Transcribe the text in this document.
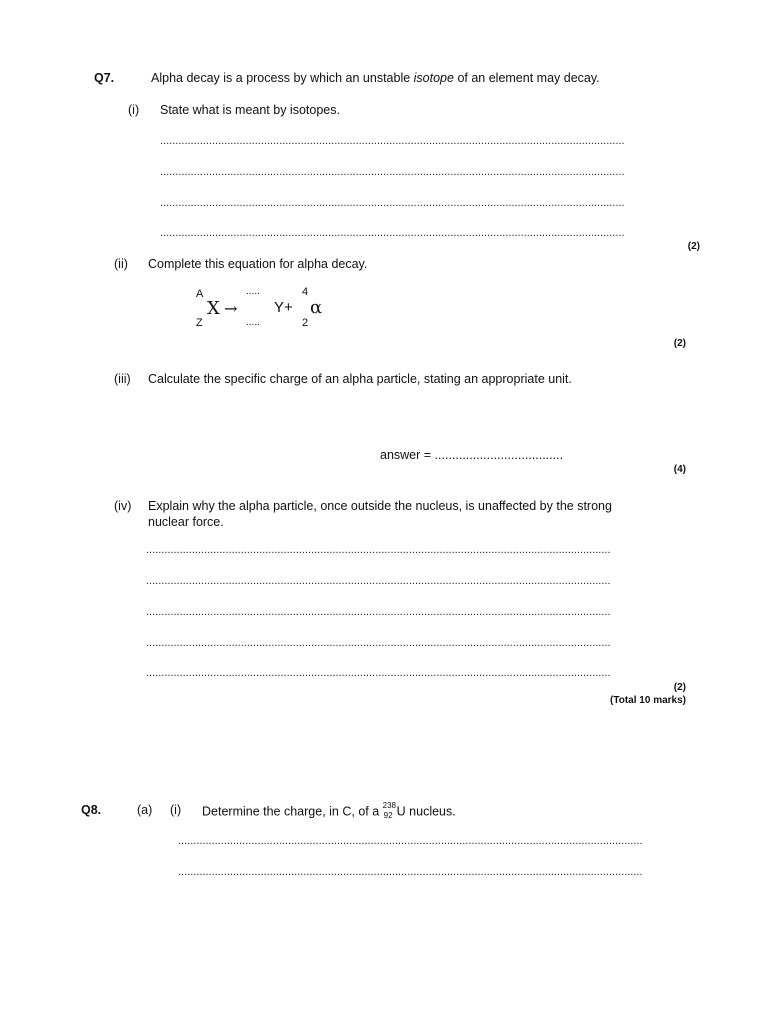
Q7.	Alpha decay is a process by which an unstable isotope of an element may decay.
(i) State what is meant by isotopes.
........................................................................................................................................................
........................................................................................................................................................
........................................................................................................................................................
........................................................................................................................................................
(2)
(ii) Complete this equation for alpha decay.
A
Z
X →
.....
.....
Y+
4
2
α
(2)
(iii) Calculate the specific charge of an alpha particle, stating an appropriate unit.
answer = .....................................
(4)
(iv) Explain why the alpha particle, once outside the nucleus, is unaffected by the strong
nuclear force.
........................................................................................................................................................
........................................................................................................................................................
........................................................................................................................................................
........................................................................................................................................................
........................................................................................................................................................
(2)
(Total 10 marks)
Q8.	(a) (i) Determine the charge, in C, of a 238
92 U nucleus.
........................................................................................................................................................
........................................................................................................................................................
